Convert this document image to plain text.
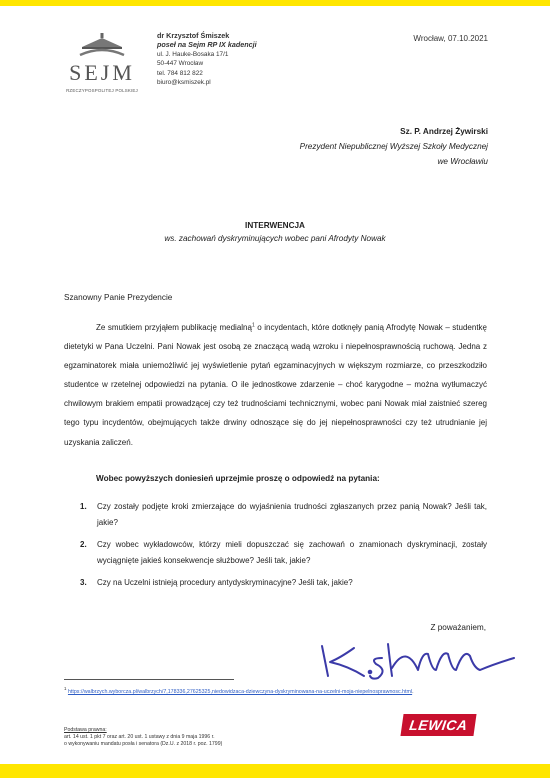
SEJM
RZECZYPOSPOLITEJ POLSKIEJ
dr Krzysztof Śmiszek
poseł na Sejm RP IX kadencji
ul. J. Hauke-Bosaka 17/1
50-447 Wrocław
tel. 784 812 822
biuro@ksmiszek.pl
Wrocław, 07.10.2021
Sz. P. Andrzej Żywirski
Prezydent Niepublicznej Wyższej Szkoły Medycznej
we Wrocławiu
INTERWENCJA
ws. zachowań dyskryminujących wobec pani Afrodyty Nowak
Szanowny Panie Prezydencie

Ze smutkiem przyjąłem publikację medialną$^1$ o incydentach, które dotknęły panią Afrodytę Nowak – studentkę dietetyki w Pana Uczelni. Pani Nowak jest osobą ze znaczącą wadą wzroku i niepełnosprawnością ruchową. Jedna z egzaminatorek miała uniemożliwić jej wyświetlenie pytań egzaminacyjnych w większym rozmiarze, co przeszkodziło studentce w rzetelnej odpowiedzi na pytania. O ile jednostkowe zdarzenie – choć karygodne – można wytłumaczyć chwilowym brakiem empatii prowadzącej czy też trudnościami technicznymi, wobec pani Nowak miał zaistnieć szereg tego typu incydentów, obejmujących także drwiny odnoszące się do jej niepełnosprawności czy też utrudnianie jej uzyskania zaliczeń.

Wobec powyższych doniesień uprzejmie proszę o odpowiedź na pytania:
1.	Czy zostały podjęte kroki zmierzające do wyjaśnienia trudności zgłaszanych przez panią Nowak? Jeśli tak, jakie?
2.	Czy wobec wykładowców, którzy mieli dopuszczać się zachowań o znamionach dyskryminacji, zostały wyciągnięte jakieś konsekwencje służbowe? Jeśli tak, jakie?
3.	Czy na Uczelni istnieją procedury antydyskryminacyjne? Jeśli tak, jakie?
Z poważaniem,
$^1$ https://walbrzych.wyborcza.pl/walbrzych/7,178336,27625325,niedowidzaca-dziewczyna-dyskryminowana-na-uczelni-moja-niepelnosprawnosc.html.
Podstawa prawna:
art. 14 ust. 1 pkt 7 oraz art. 20 ust. 1 ustawy z dnia 9 maja 1996 r.
o wykonywaniu mandatu posła i senatora (Dz.U. z 2018 r. poz. 1799)
LEWICA
